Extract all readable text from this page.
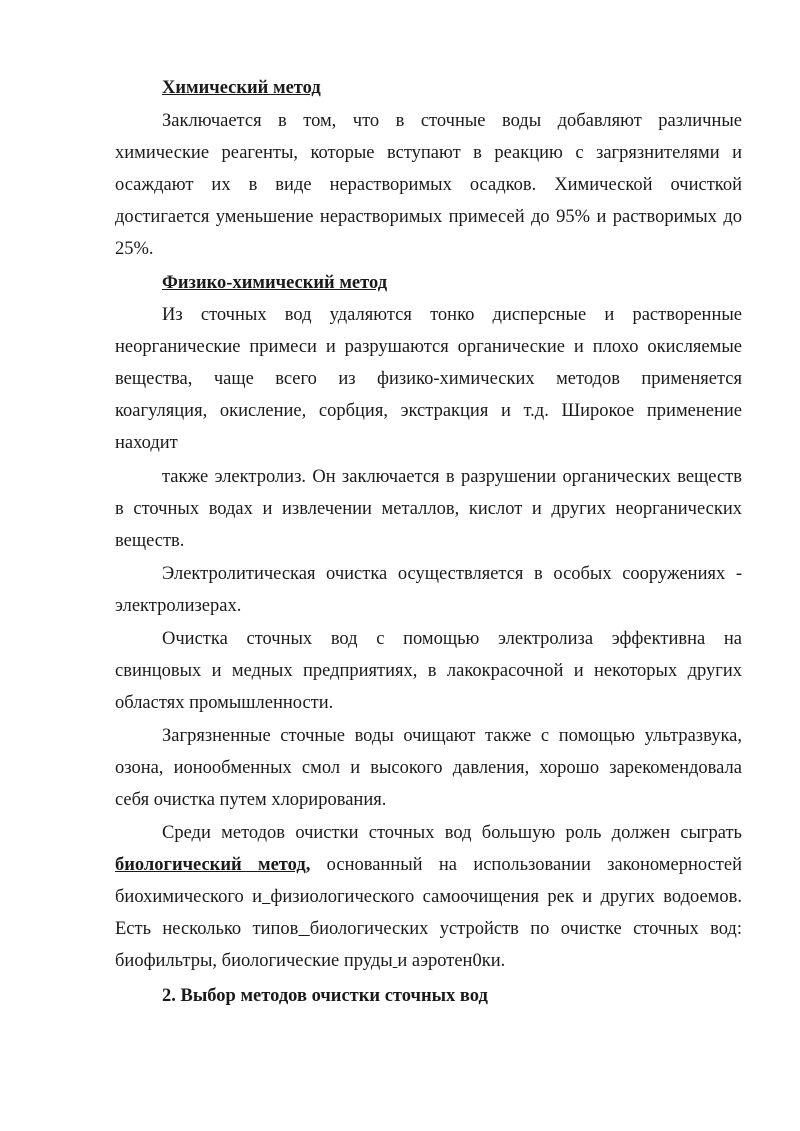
Химический метод
Заключается в том, что в сточные воды добавляют различные
химические реагенты, которые вступают в реакцию с загрязнителями и
осаждают их в виде нерастворимых осадков. Химической очисткой
достигается уменьшение нерастворимых примесей до 95% и растворимых до
25%.
Физико-химический метод
Из сточных вод удаляются тонко дисперсные и растворенные
неорганические примеси и разрушаются органические и плохо окисляемые
вещества, чаще всего из физико-химических методов применяется
коагуляция, окисление, сорбция, экстракция и т.д. Широкое применение
находит
также электролиз. Он заключается в разрушении органических веществ
в сточных водах и извлечении металлов, кислот и других неорганических
веществ.
Электролитическая очистка осуществляется в особых сооружениях -
электролизерах.
Очистка сточных вод с помощью электролиза эффективна на
свинцовых и медных предприятиях, в лакокрасочной и некоторых других
областях промышленности.
Загрязненные сточные воды очищают также с помощью ультразвука,
озона, ионообменных смол и высокого давления, хорошо зарекомендовала
себя очистка путем хлорирования.
Среди методов очистки сточных вод большую роль должен сыграть
биологический метод, основанный на использовании закономерностей
биохимического и физиологического самоочищения рек и других водоемов.
Есть несколько типов биологических устройств по очистке сточных вод:
биофильтры, биологические пруды и аэротен0ки.
2. Выбор методов очистки сточных вод
